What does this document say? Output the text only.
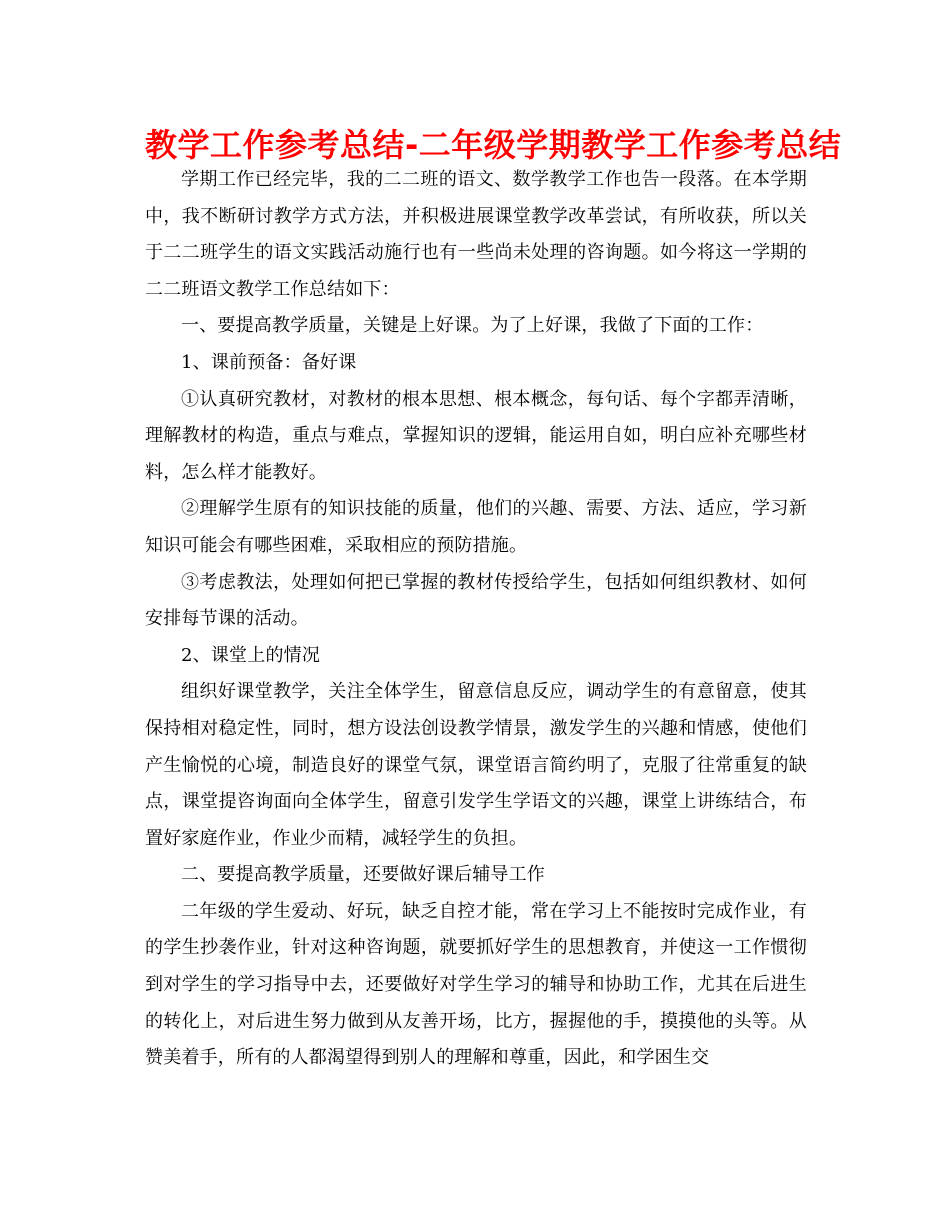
教学工作参考总结-二年级学期教学工作参考总结

学期工作已经完毕，我的二二班的语文、数学教学工作也告一段落。在本学期中，我不断研讨教学方式方法，并积极进展课堂教学改革尝试，有所收获，所以关于二二班学生的语文实践活动施行也有一些尚未处理的咨询题。如今将这一学期的二二班语文教学工作总结如下：

一、要提高教学质量，关键是上好课。为了上好课，我做了下面的工作：

1、课前预备：备好课

①认真研究教材，对教材的根本思想、根本概念，每句话、每个字都弄清晰，理解教材的构造，重点与难点，掌握知识的逻辑，能运用自如，明白应补充哪些材料，怎么样才能教好。

②理解学生原有的知识技能的质量，他们的兴趣、需要、方法、适应，学习新知识可能会有哪些困难，采取相应的预防措施。

③考虑教法，处理如何把已掌握的教材传授给学生，包括如何组织教材、如何安排每节课的活动。

2、课堂上的情况

组织好课堂教学，关注全体学生，留意信息反应，调动学生的有意留意，使其保持相对稳定性，同时，想方设法创设教学情景，激发学生的兴趣和情感，使他们产生愉悦的心境，制造良好的课堂气氛，课堂语言简约明了，克服了往常重复的缺点，课堂提咨询面向全体学生，留意引发学生学语文的兴趣，课堂上讲练结合，布置好家庭作业，作业少而精，减轻学生的负担。

二、要提高教学质量，还要做好课后辅导工作

二年级的学生爱动、好玩，缺乏自控才能，常在学习上不能按时完成作业，有的学生抄袭作业，针对这种咨询题，就要抓好学生的思想教育，并使这一工作惯彻到对学生的学习指导中去，还要做好对学生学习的辅导和协助工作，尤其在后进生的转化上，对后进生努力做到从友善开场，比方，握握他的手，摸摸他的头等。从赞美着手，所有的人都渴望得到别人的理解和尊重，因此，和学困生交
